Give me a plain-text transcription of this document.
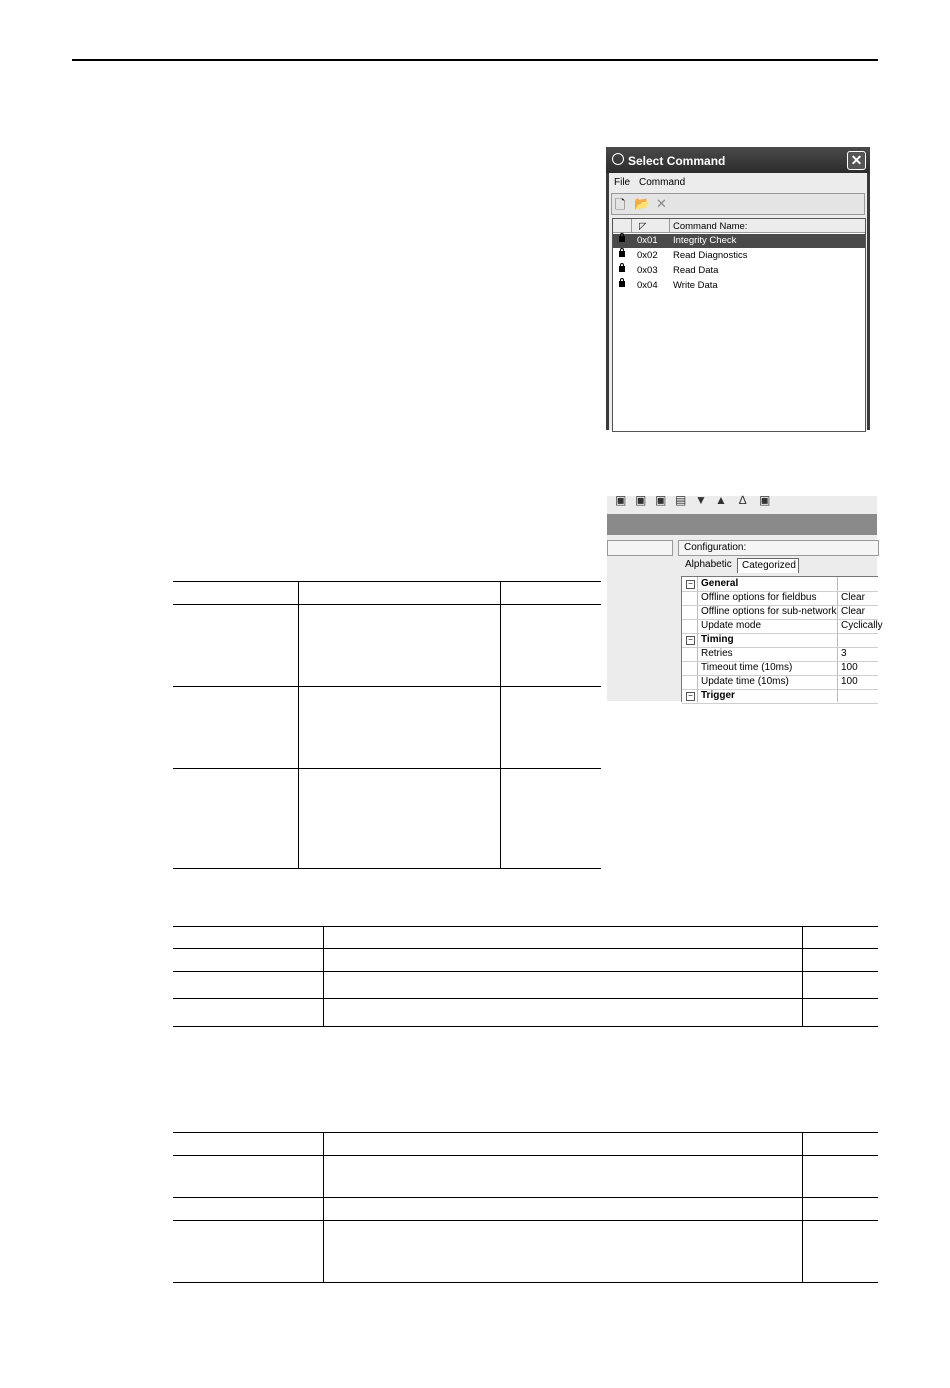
Select Command	✕
File Command
🗋 📂 ✕
◸	Command Name:
0x01 Integrity Check
0x02 Read Diagnostics
0x03 Read Data
0x04 Write Data
▣ ▣ ▣ ▤ ▼ ▲ ∆ ▣
Configuration:
Alphabetic Categorized
− General
Offline options for fieldbus Clear
Offline options for sub-network Clear
Update mode	Cyclically
− Timing
Retries	3
Timeout time (10ms)	100
Update time (10ms)	100
− Trigger
